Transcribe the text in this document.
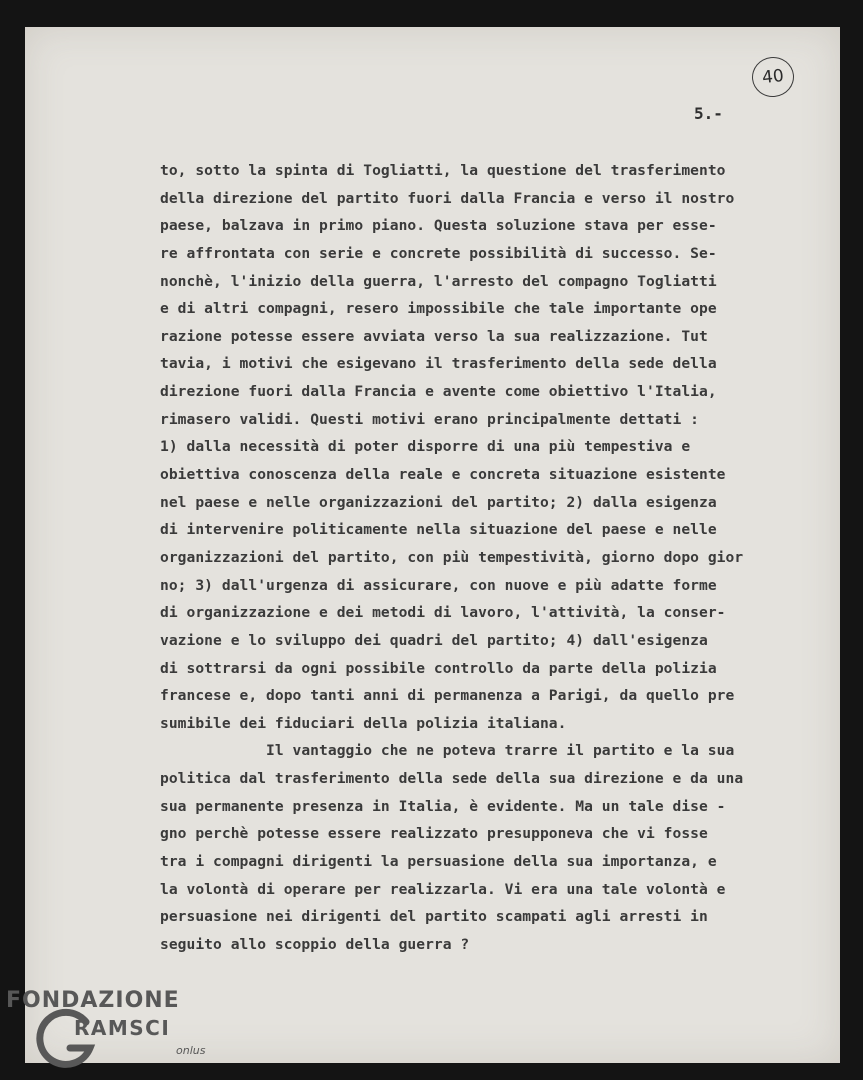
40
5.-
to, sotto la spinta di Togliatti, la questione del trasferimento
della direzione del partito fuori dalla Francia e verso il nostro
paese, balzava in primo piano. Questa soluzione stava per esse-
re affrontata con serie e concrete possibilità di successo. Se-
nonchè, l'inizio della guerra, l'arresto del compagno Togliatti
e di altri compagni, resero impossibile che tale importante ope
razione potesse essere avviata verso la sua realizzazione. Tut
tavia, i motivi che esigevano il trasferimento della sede della
direzione fuori dalla Francia e avente come obiettivo l'Italia,
rimasero validi. Questi motivi erano principalmente dettati :
1) dalla necessità di poter disporre di una più tempestiva e
obiettiva conoscenza della reale e concreta situazione esistente
nel paese e nelle organizzazioni del partito; 2) dalla esigenza
di intervenire politicamente nella situazione del paese e nelle
organizzazioni del partito, con più tempestività, giorno dopo gior
no; 3) dall'urgenza di assicurare, con nuove e più adatte forme
di organizzazione e dei metodi di lavoro, l'attività, la conser-
vazione e lo sviluppo dei quadri del partito; 4) dall'esigenza
di sottrarsi da ogni possibile controllo da parte della polizia
francese e, dopo tanti anni di permanenza a Parigi, da quello pre
sumibile dei fiduciari della polizia italiana.
Il vantaggio che ne poteva trarre il partito e la sua
politica dal trasferimento della sede della sua direzione e da una
sua permanente presenza in Italia, è evidente. Ma un tale dise -
gno perchè potesse essere realizzato presupponeva che vi fosse
tra i compagni dirigenti la persuasione della sua importanza, e
la volontà di operare per realizzarla. Vi era una tale volontà e
persuasione nei dirigenti del partito scampati agli arresti in
seguito allo scoppio della guerra ?
FONDAZIONE
RAMSCI
onlus
